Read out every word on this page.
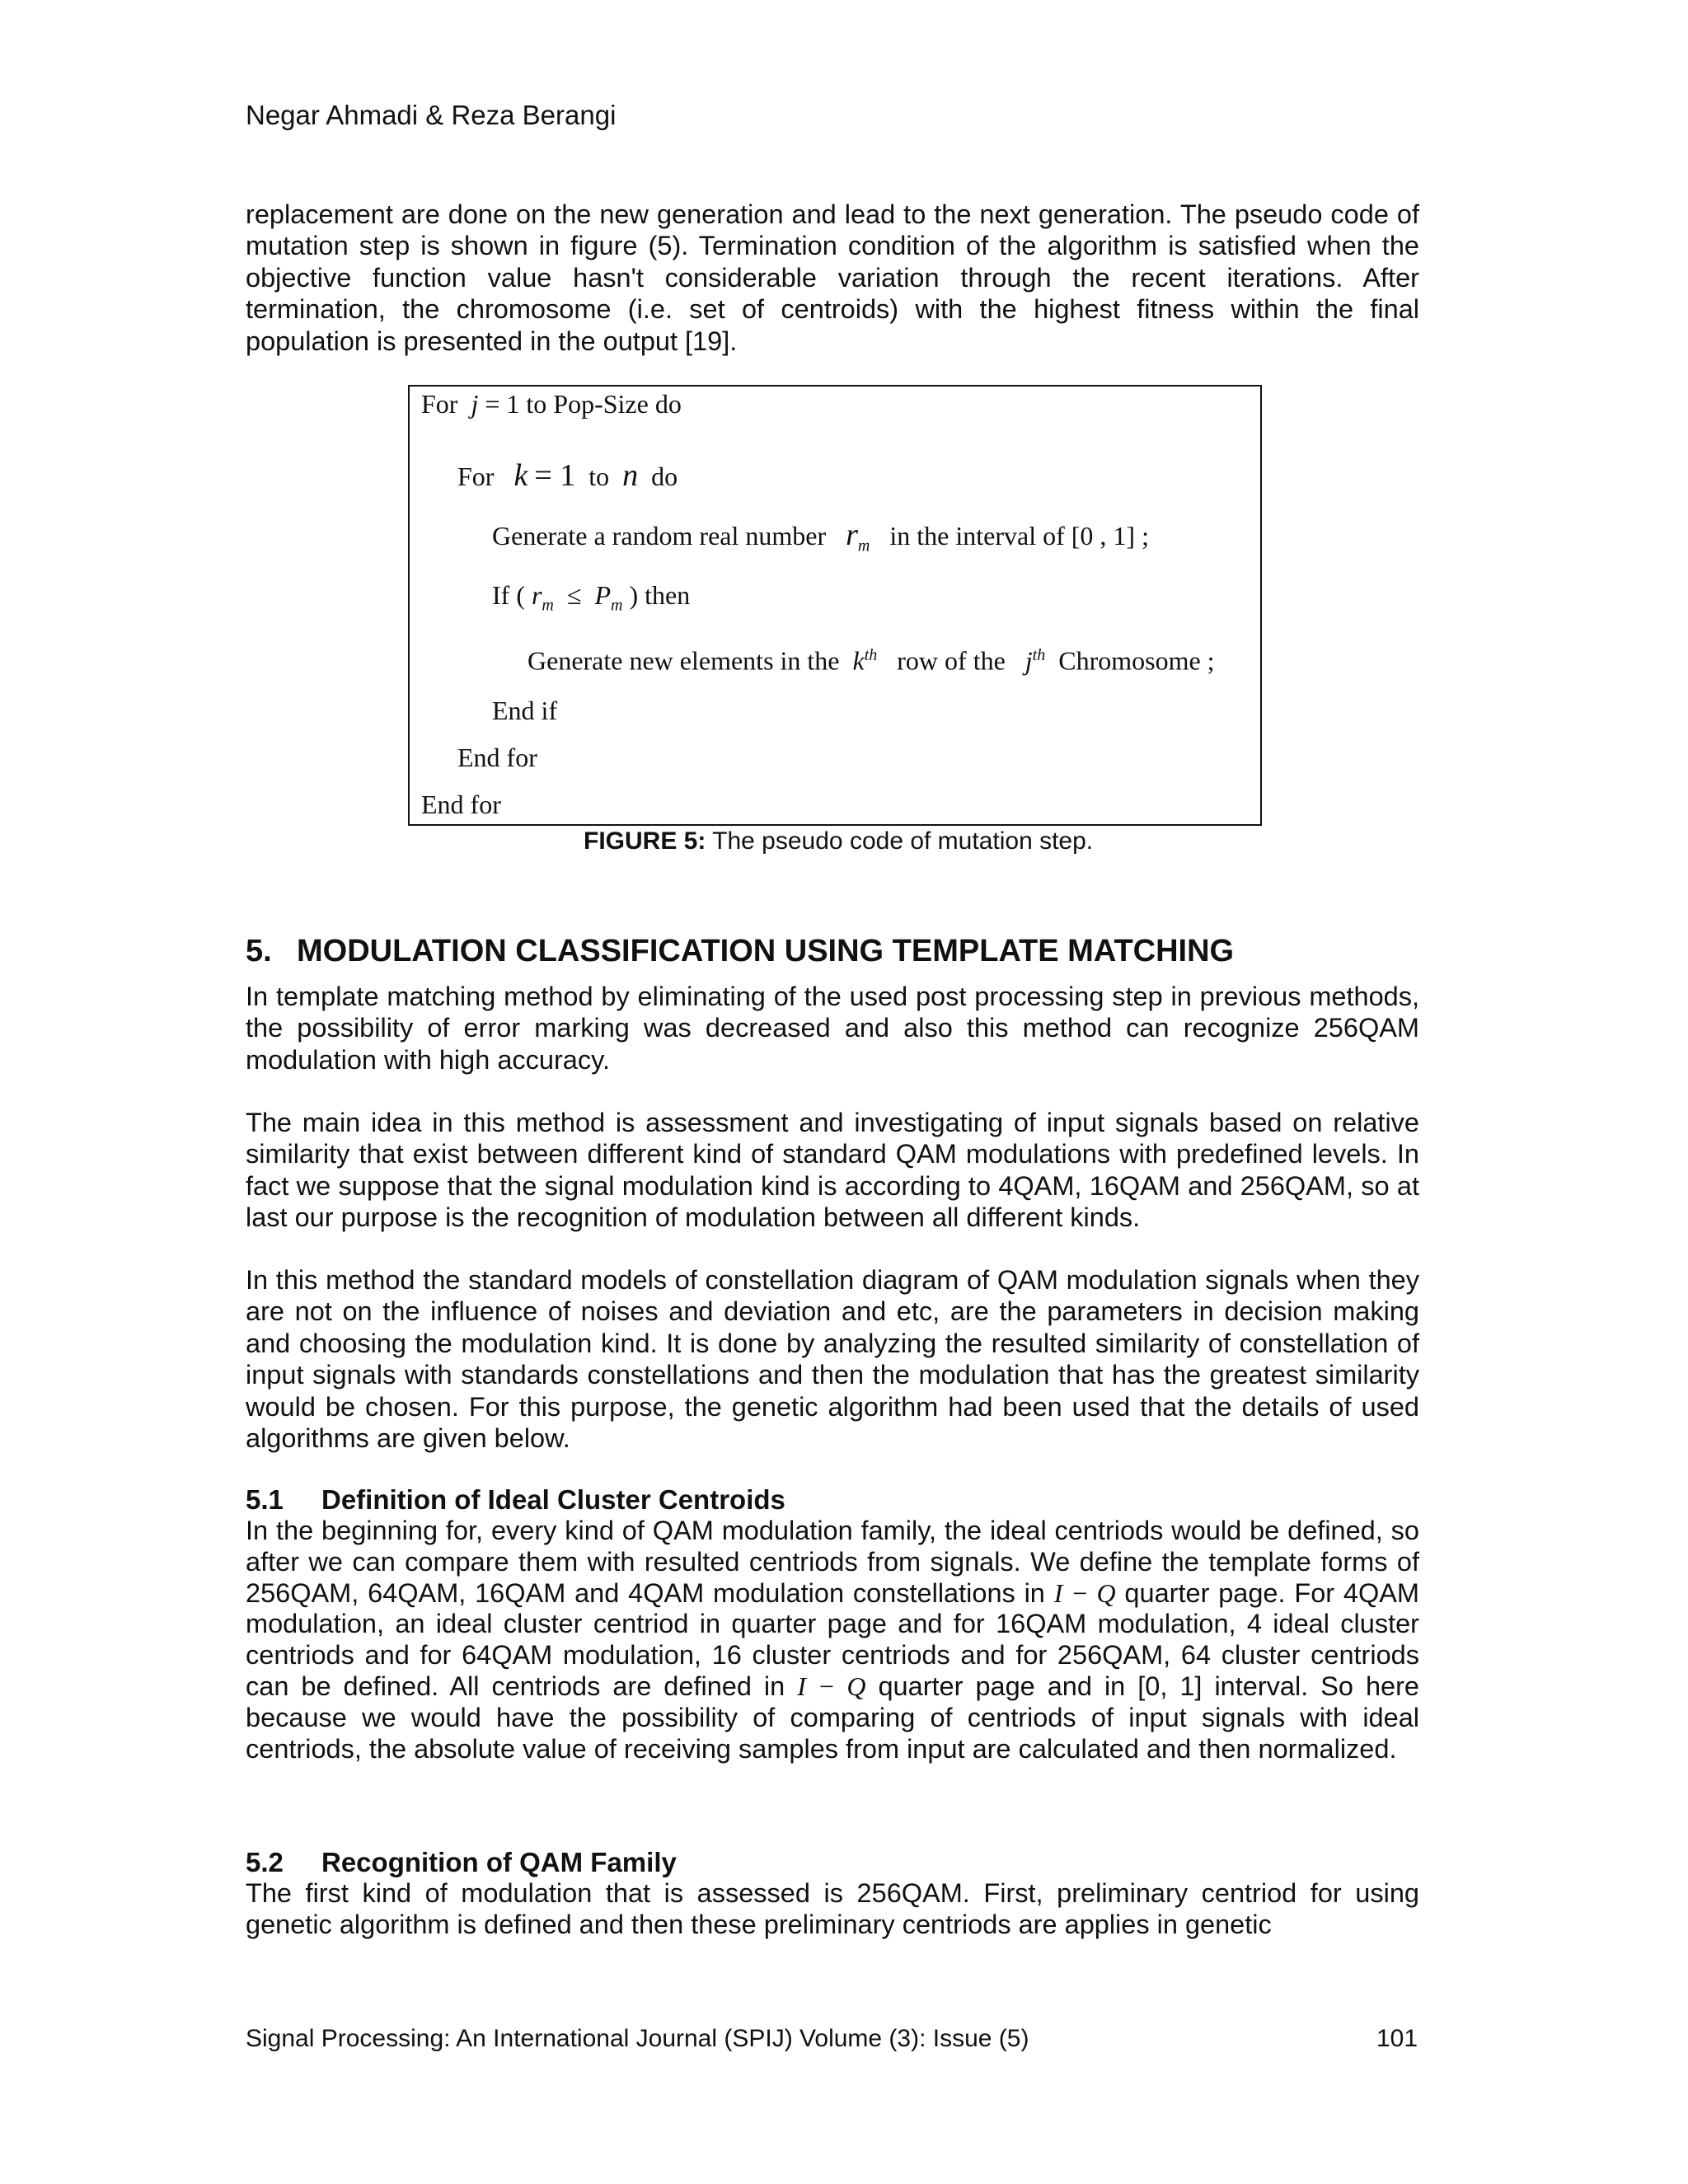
Negar Ahmadi & Reza Berangi

replacement are done on the new generation and lead to the next generation. The pseudo code of mutation step is shown in figure (5). Termination condition of the algorithm is satisfied when the objective function value hasn't considerable variation through the recent iterations. After termination, the chromosome (i.e. set of centroids) with the highest fitness within the final population is presented in the output [19].

For j = 1 to Pop-Size do
For k = 1 to n do
Generate a random real number $r_m$ in the interval of [0 , 1] ;
If ( $r_m \le P_m$ ) then
Generate new elements in the $k^{th}$ row of the $j^{th}$ Chromosome ;
End if
End for
End for
FIGURE 5: The pseudo code of mutation step.
5. MODULATION CLASSIFICATION USING TEMPLATE MATCHING

In template matching method by eliminating of the used post processing step in previous methods, the possibility of error marking was decreased and also this method can recognize 256QAM modulation with high accuracy.

The main idea in this method is assessment and investigating of input signals based on relative similarity that exist between different kind of standard QAM modulations with predefined levels. In fact we suppose that the signal modulation kind is according to 4QAM, 16QAM and 256QAM, so at last our purpose is the recognition of modulation between all different kinds.

In this method the standard models of constellation diagram of QAM modulation signals when they are not on the influence of noises and deviation and etc, are the parameters in decision making and choosing the modulation kind. It is done by analyzing the resulted similarity of constellation of input signals with standards constellations and then the modulation that has the greatest similarity would be chosen. For this purpose, the genetic algorithm had been used that the details of used algorithms are given below.

5.1 Definition of Ideal Cluster Centroids

In the beginning for, every kind of QAM modulation family, the ideal centriods would be defined, so after we can compare them with resulted centriods from signals. We define the template forms of 256QAM, 64QAM, 16QAM and 4QAM modulation constellations in I − Q quarter page. For 4QAM modulation, an ideal cluster centriod in quarter page and for 16QAM modulation, 4 ideal cluster centriods and for 64QAM modulation, 16 cluster centriods and for 256QAM, 64 cluster centriods can be defined. All centriods are defined in I − Q quarter page and in [0, 1] interval. So here because we would have the possibility of comparing of centriods of input signals with ideal centriods, the absolute value of receiving samples from input are calculated and then normalized.

5.2 Recognition of QAM Family

The first kind of modulation that is assessed is 256QAM. First, preliminary centriod for using genetic algorithm is defined and then these preliminary centriods are applies in genetic

Signal Processing: An International Journal (SPIJ) Volume (3): Issue (5)	101
